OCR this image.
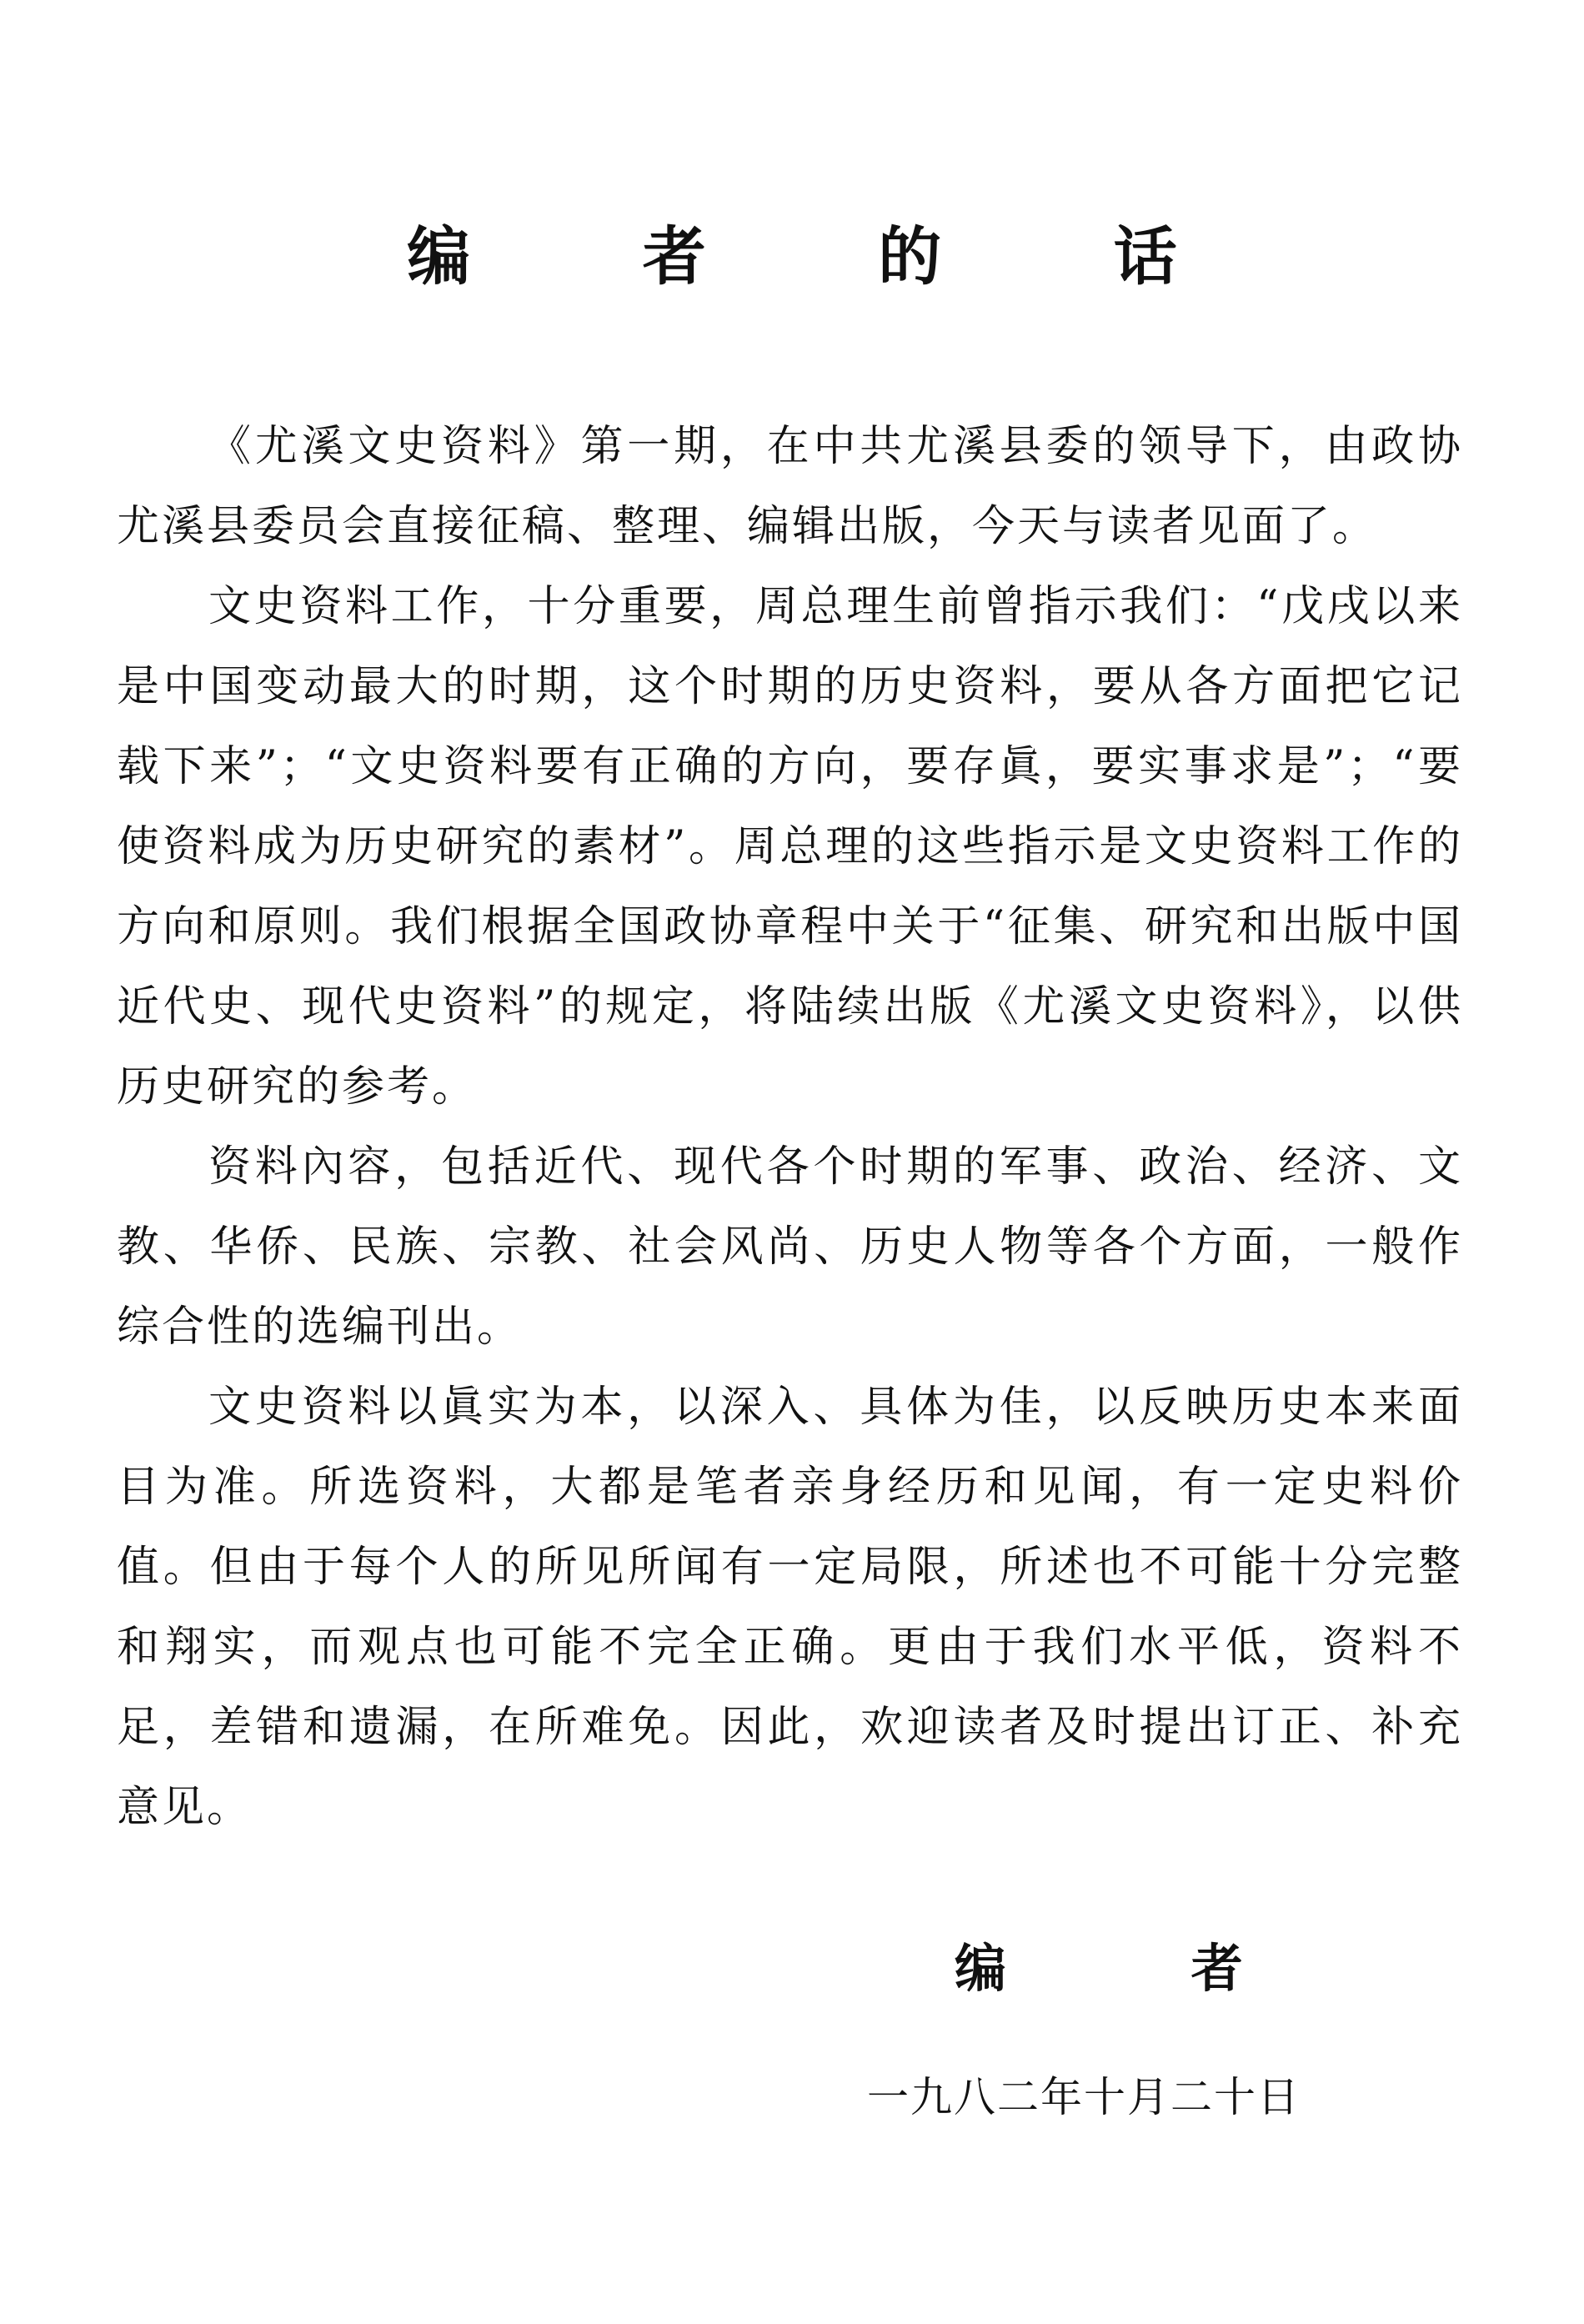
编 者 的 话

《尤溪文史资料》第一期，在中共尤溪县委的领导下，由政协尤溪县委员会直接征稿、整理、编辑出版，今天与读者见面了。

文史资料工作，十分重要，周总理生前曾指示我们：“戊戌以来是中国变动最大的时期，这个时期的历史资料，要从各方面把它记载下来”；“文史资料要有正确的方向，要存眞，要实事求是”；“要使资料成为历史研究的素材”。周总理的这些指示是文史资料工作的方向和原则。我们根据全国政协章程中关于“征集、研究和出版中国近代史、现代史资料”的规定，将陆续出版《尤溪文史资料》，以供历史研究的参考。

资料內容，包括近代、现代各个时期的军事、政治、经济、文教、华侨、民族、宗教、社会风尚、历史人物等各个方面，一般作综合性的选编刊出。

文史资料以眞实为本，以深入、具体为佳，以反映历史本来面目为准。所选资料，大都是笔者亲身经历和见闻，有一定史料价值。但由于每个人的所见所闻有一定局限，所述也不可能十分完整和翔实，而观点也可能不完全正确。更由于我们水平低，资料不足，差错和遗漏，在所难免。因此，欢迎读者及时提出订正、补充意见。

编 者
一九八二年十月二十日
